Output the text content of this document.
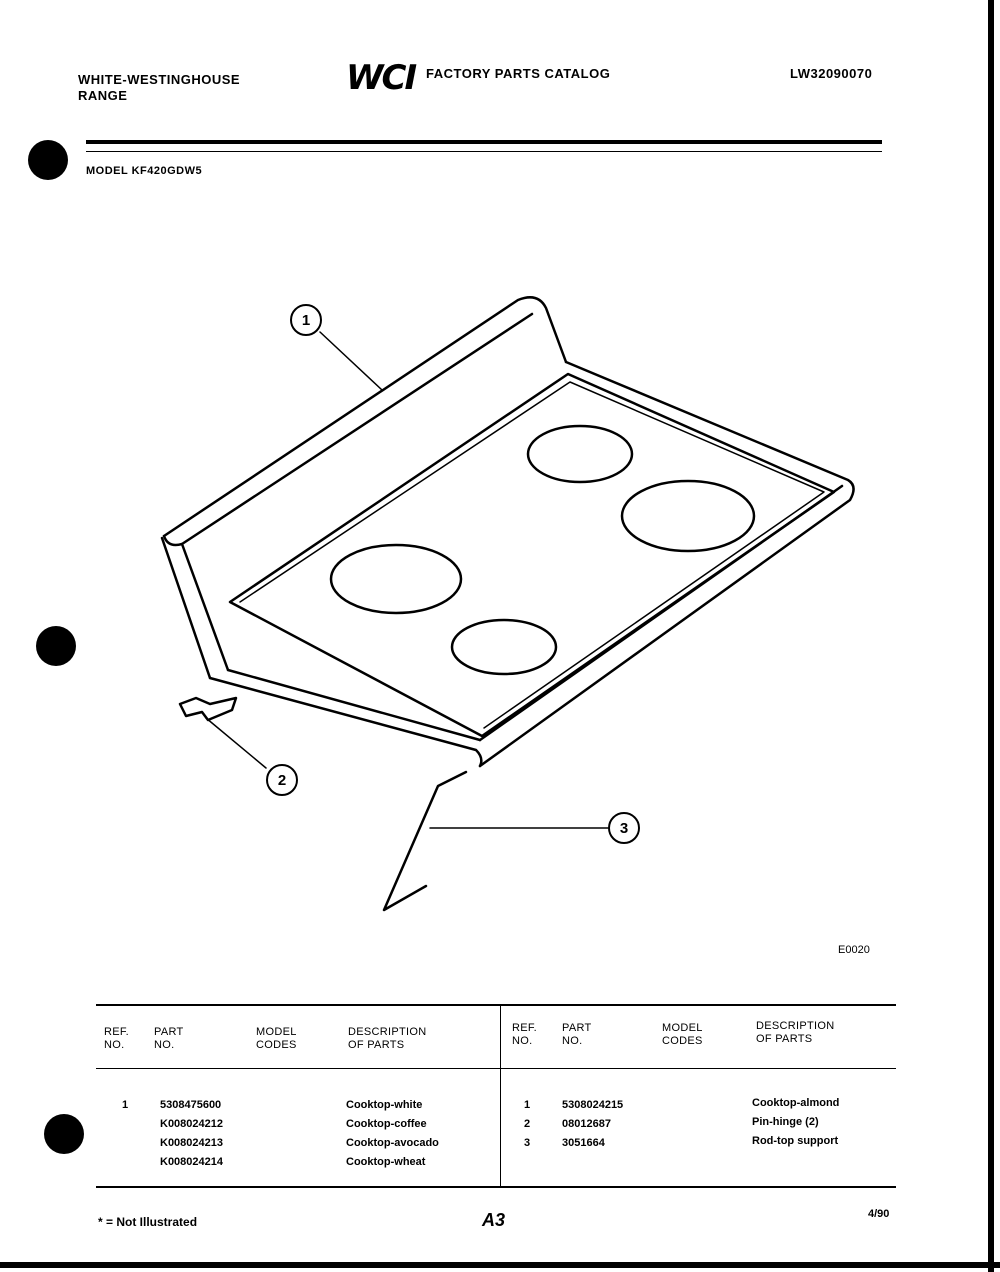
WHITE-WESTINGHOUSE
RANGE	WCI FACTORY PARTS CATALOG	LW32090070
MODEL KF420GDW5
1
2
3
E0020
REF.
NO.
PART
NO.
MODEL
CODES
DESCRIPTION
OF PARTS
REF.
NO.
PART
NO.
MODEL
CODES
DESCRIPTION
OF PARTS
1	5308475600	Cooktop-white
K008024212	Cooktop-coffee
K008024213	Cooktop-avocado
K008024214	Cooktop-wheat
1	5308024215	Cooktop-almond
2	08012687	Pin-hinge (2)
3	3051664	Rod-top support
* = Not Illustrated	A3	4/90
